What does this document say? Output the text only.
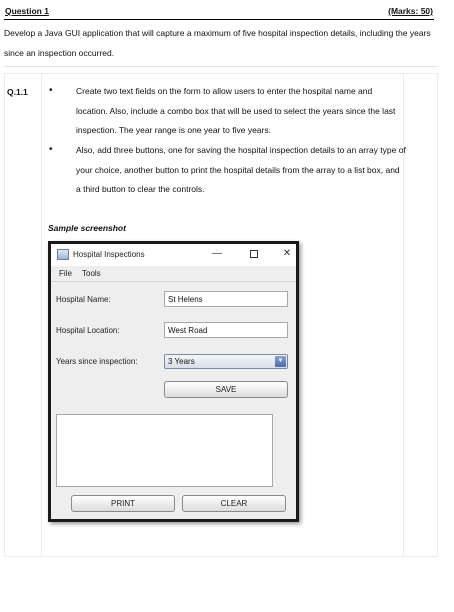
Question 1	(Marks: 50)
Develop a Java GUI application that will capture a maximum of five hospital inspection details, including the years since an inspection occurred.
Q.1.1 •	Create two text fields on the form to allow users to enter the hospital name and location. Also, include a combo box that will be used to select the years since the last inspection. The year range is one year to five years.
•	Also, add three buttons, one for saving the hospital inspection details to an array type of your choice, another button to print the hospital details from the array to a list box, and a third button to clear the controls.
Sample screenshot
Hospital Inspections	—	✕
File Tools
Hospital Name:	St Helens
Hospital Location:	West Road
Years since inspection:	3 Years	▼
SAVE
PRINT	CLEAR
